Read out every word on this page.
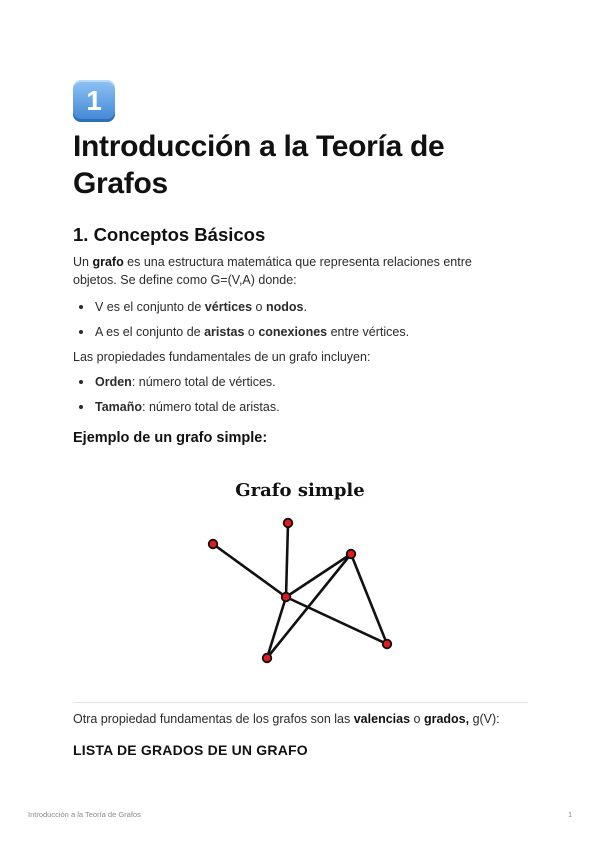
1
Introducción a la Teoría de Grafos
1. Conceptos Básicos

Un grafo es una estructura matemática que representa relaciones entre objetos. Se define como G=(V,A) donde:

V es el conjunto de vértices o nodos.
A es el conjunto de aristas o conexiones entre vértices.

Las propiedades fundamentales de un grafo incluyen:

Orden: número total de vértices.
Tamaño: número total de aristas.
Ejemplo de un grafo simple:
Grafo simple

Otra propiedad fundamentas de los grafos son las valencias o grados, g(V):

LISTA DE GRADOS DE UN GRAFO
Introducción a la Teoría de Grafos	1
